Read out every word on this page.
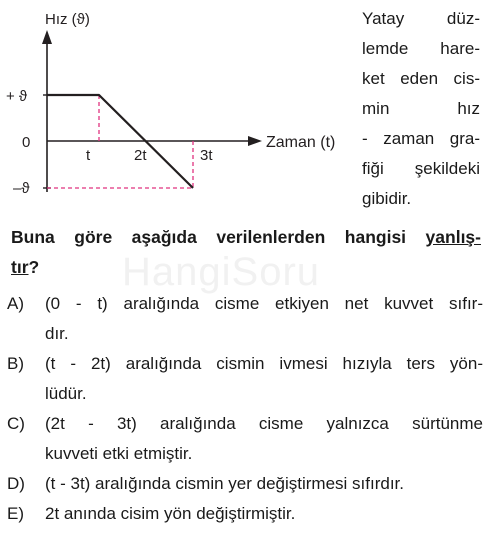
Hız (ϑ)
Zaman (t)
+ ϑ
0
–ϑ
t	2t	3t
Yatay düz-
lemde hare-
ket eden cis-
min hız
- zaman gra-
fiği şekildeki
gibidir.
HangiSoru
Buna göre aşağıda verilenlerden hangisi yanlış-
tır?
A) (0 - t) aralığında cisme etkiyen net kuvvet sıfır-
dır.
B) (t - 2t) aralığında cismin ivmesi hızıyla ters yön-
lüdür.
C) (2t - 3t) aralığında cisme yalnızca sürtünme
kuvveti etki etmiştir.
D) (t - 3t) aralığında cismin yer değiştirmesi sıfırdır.
E) 2t anında cisim yön değiştirmiştir.
